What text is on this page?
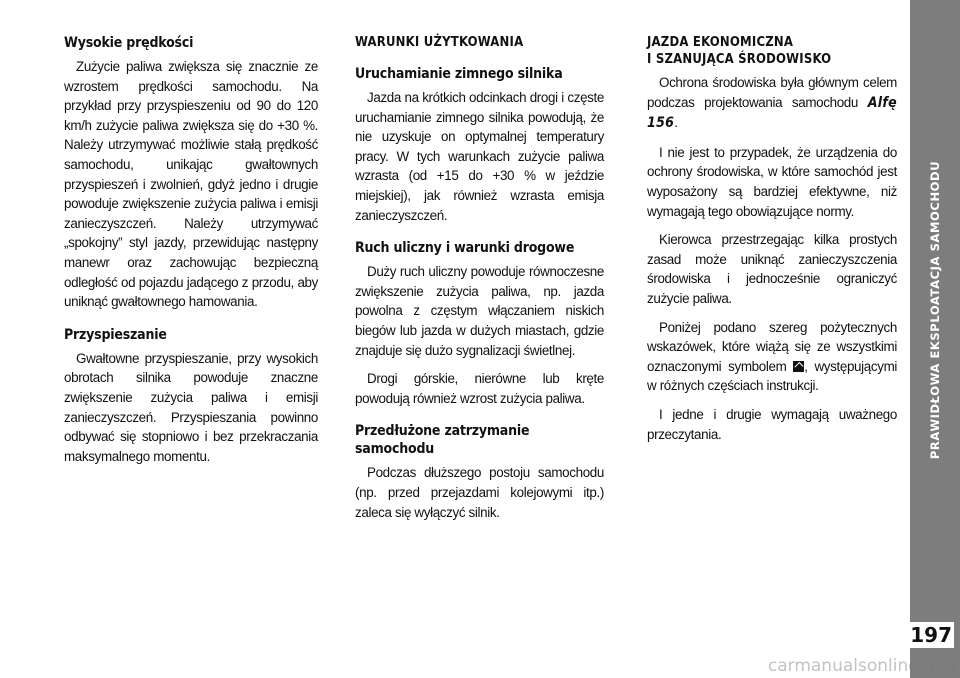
Wysokie prędkości

Zużycie paliwa zwiększa się znacznie ze wzrostem prędkości samochodu. Na przykład przy przyspieszeniu od 90 do 120 km/h zużycie paliwa zwiększa się do +30 %. Należy utrzymywać możliwie stałą prędkość samochodu, unikając gwałtownych przyspieszeń i zwolnień, gdyż jedno i drugie powoduje zwiększenie zużycia paliwa i emisji zanieczyszczeń. Należy utrzymywać „spokojny” styl jazdy, przewidując następny manewr oraz zachowując bezpieczną odległość od pojazdu jadącego z przodu, aby uniknąć gwałtownego hamowania.

Przyspieszanie

Gwałtowne przyspieszanie, przy wysokich obrotach silnika powoduje znaczne zwiększenie zużycia paliwa i emisji zanieczyszczeń. Przyspieszania powinno odbywać się stopniowo i bez przekraczania maksymalnego momentu.

WARUNKI UŻYTKOWANIA
Uruchamianie zimnego silnika

Jazda na krótkich odcinkach drogi i częste uruchamianie zimnego silnika powodują, że nie uzyskuje on optymalnej temperatury pracy. W tych warunkach zużycie paliwa wzrasta (od +15 do +30 % w jeździe miejskiej), jak również wzrasta emisja zanieczyszczeń.

Ruch uliczny i warunki drogowe

Duży ruch uliczny powoduje równoczesne zwiększenie zużycia paliwa, np. jazda powolna z częstym włączaniem niskich biegów lub jazda w dużych miastach, gdzie znajduje się dużo sygnalizacji świetlnej.

Drogi górskie, nierówne lub kręte powodują również wzrost zużycia paliwa.

Przedłużone zatrzymanie samochodu

Podczas dłuższego postoju samochodu (np. przed przejazdami kolejowymi itp.) zaleca się wyłączyć silnik.

JAZDA EKONOMICZNA
I SZANUJĄCA ŚRODOWISKO

Ochrona środowiska była głównym celem podczas projektowania samochodu Alfę 156.

I nie jest to przypadek, że urządzenia do ochrony środowiska, w które samochód jest wyposażony są bardziej efektywne, niż wymagają tego obowiązujące normy.

Kierowca przestrzegając kilka prostych zasad może uniknąć zanieczyszczenia środowiska i jednocześnie ograniczyć zużycie paliwa.

Poniżej podano szereg pożytecznych wskazówek, które wiążą się ze wszystkimi oznaczonymi symbolem , występującymi w różnych częściach instrukcji.

I jedne i drugie wymagają uważnego przeczytania.	PRAWIDŁOWA EKSPLOATACJA SAMOCHODU
197
carmanualsonline.info
